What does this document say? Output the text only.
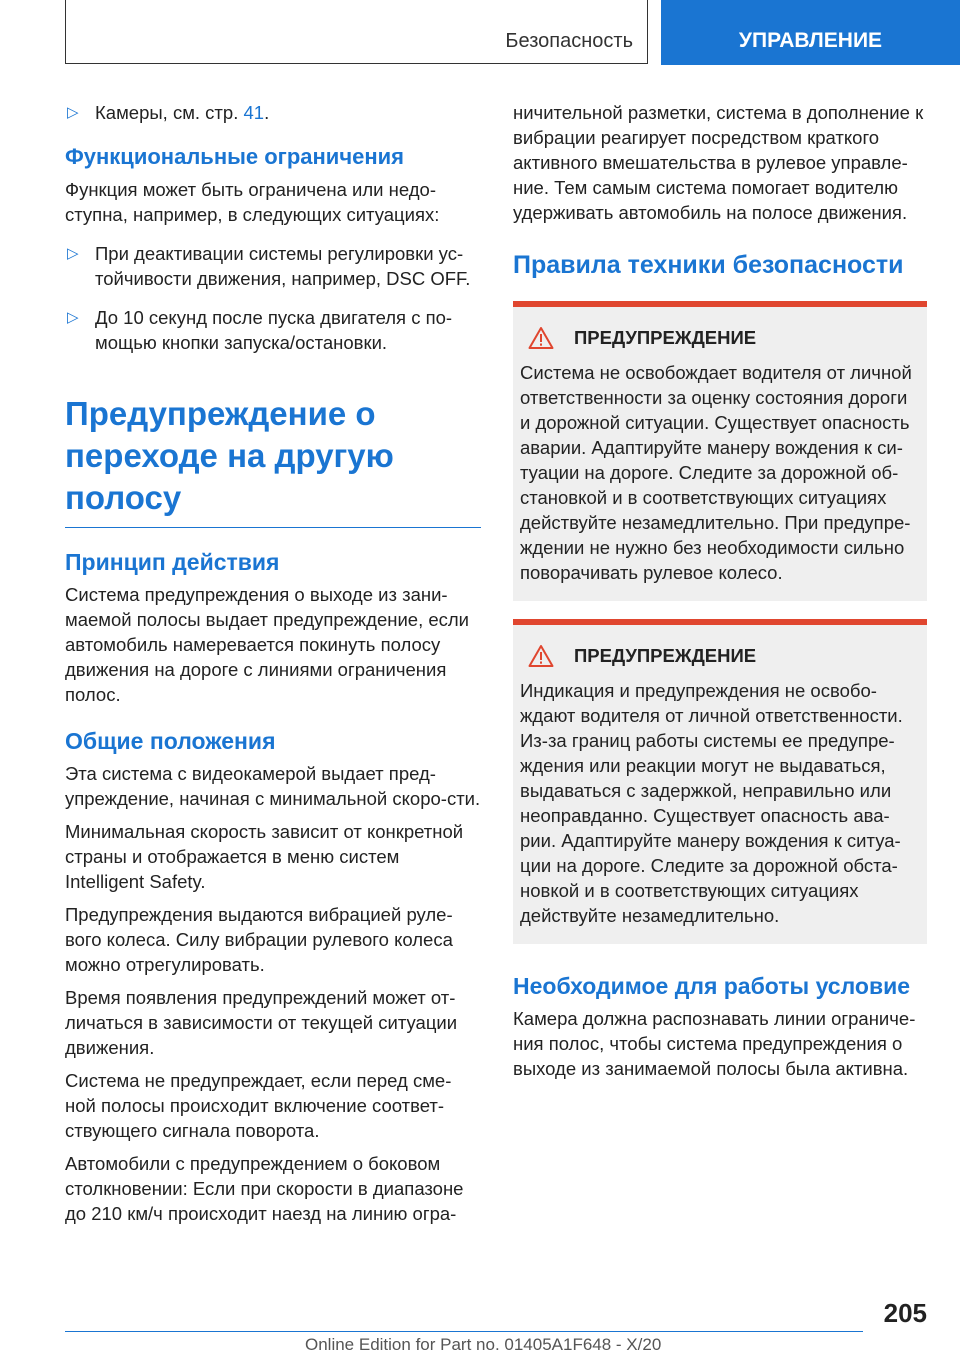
Безопасность	УПРАВЛЕНИЕ
▷ Камеры, см. стр. 41.
Функциональные ограничения

Функция может быть ограничена или недо-ступна, например, в следующих ситуациях:

▷ При деактивации системы регулировки ус-тойчивости движения, например, DSC OFF.
▷ До 10 секунд после пуска двигателя с по-мощью кнопки запуска/остановки.
Предупреждение о переходе на другую полосу
Принцип действия

Система предупреждения о выходе из зани-маемой полосы выдает предупреждение, если автомобиль намеревается покинуть полосу движения на дороге с линиями ограничения полос.

Общие положения

Эта система с видеокамерой выдает пред-упреждение, начиная с минимальной скоро-сти.

Минимальная скорость зависит от конкретной страны и отображается в меню систем Intelligent Safety.

Предупреждения выдаются вибрацией руле-вого колеса. Силу вибрации рулевого колеса можно отрегулировать.

Время появления предупреждений может от-личаться в зависимости от текущей ситуации движения.

Система не предупреждает, если перед сме-ной полосы происходит включение соответ-ствующего сигнала поворота.

Автомобили с предупреждением о боковом столкновении: Если при скорости в диапазоне до 210 км/ч происходит наезд на линию огра-

ничительной разметки, система в дополнение к вибрации реагирует посредством краткого активного вмешательства в рулевое управле-ние. Тем самым система помогает водителю удерживать автомобиль на полосе движения.

Правила техники безопасности
ПРЕДУПРЕЖДЕНИЕ

Система не освобождает водителя от личной ответственности за оценку состояния дороги и дорожной ситуации. Существует опасность аварии. Адаптируйте манеру вождения к си-туации на дороге. Следите за дорожной об-становкой и в соответствующих ситуациях действуйте незамедлительно. При предупре-ждении не нужно без необходимости сильно поворачивать рулевое колесо.

ПРЕДУПРЕЖДЕНИЕ

Индикация и предупреждения не освобо-ждают водителя от личной ответственности. Из-за границ работы системы ее предупре-ждения или реакции могут не выдаваться, выдаваться с задержкой, неправильно или неоправданно. Существует опасность ава-рии. Адаптируйте манеру вождения к ситуа-ции на дороге. Следите за дорожной обста-новкой и в соответствующих ситуациях действуйте незамедлительно.

Необходимое для работы условие

Камера должна распознавать линии ограниче-ния полос, чтобы система предупреждения о выходе из занимаемой полосы была активна.

205
Online Edition for Part no. 01405A1F648 - X/20
